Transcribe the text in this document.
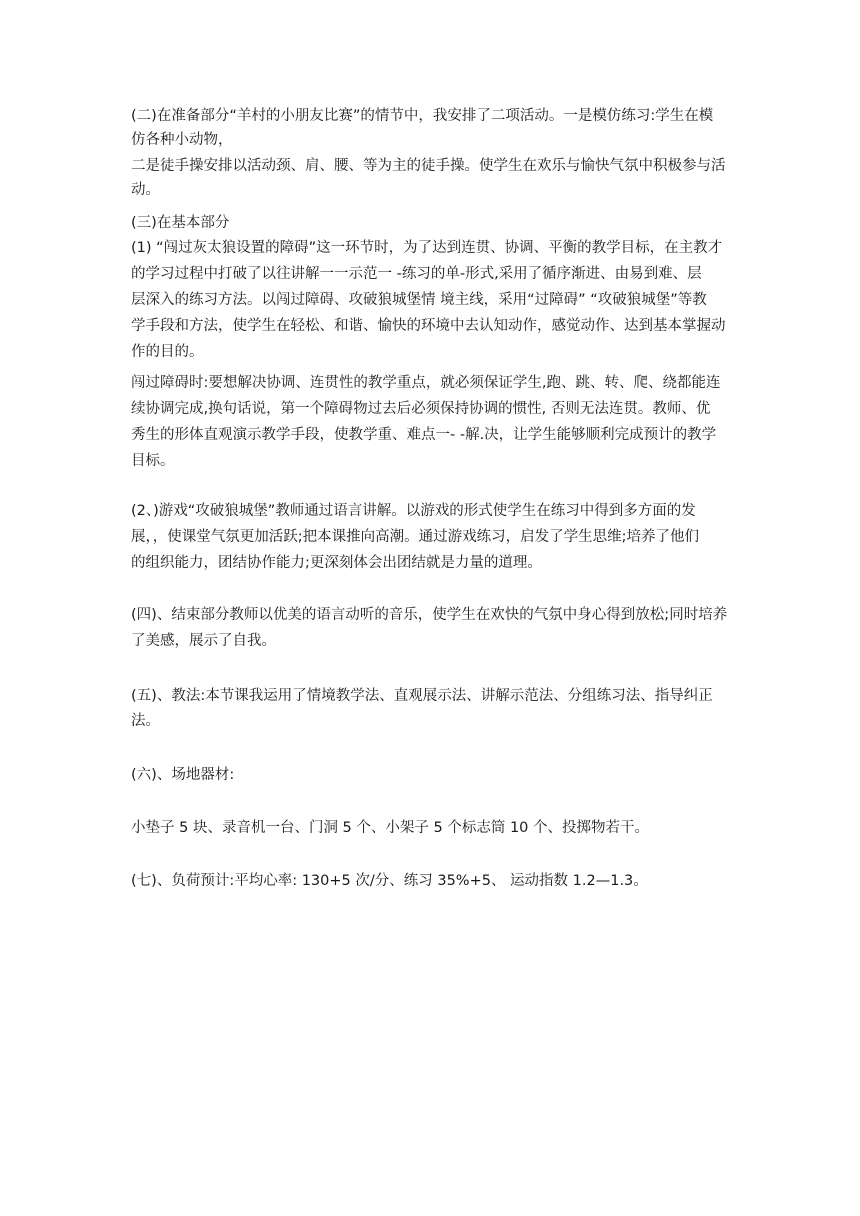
(二)在准备部分“羊村的小朋友比赛”的情节中，我安排了二项活动。一是模仿练习:学生在模

仿各种小动物，

二是徒手操安排以活动颈、肩、腰、等为主的徒手操。使学生在欢乐与愉快气氛中积极参与活

动。

(三)在基本部分

(1) “闯过灰太狼设置的障碍”这一环节时，为了达到连贯、协调、平衡的教学目标，在主教才

的学习过程中打破了以往讲解一一示范一 -练习的单-形式,采用了循序渐进、由易到难、层

层深入的练习方法。以闯过障碍、攻破狼城堡情 境主线，采用“过障碍” “攻破狼城堡”等教

学手段和方法，使学生在轻松、和谐、愉快的环境中去认知动作，感觉动作、达到基本掌握动

作的目的。

闯过障碍时:要想解决协调、连贯性的教学重点，就必须保证学生,跑、跳、转、爬、绕都能连

续协调完成,换句话说，第一个障碍物过去后必须保持协调的惯性, 否则无法连贯。教师、优

秀生的形体直观演示教学手段，使教学重、难点一- -解.决，让学生能够顺利完成预计的教学

目标。

(2、)游戏“攻破狼城堡”教师通过语言讲解。以游戏的形式使学生在练习中得到多方面的发

展，，使课堂气氛更加活跃;把本课推向高潮。通过游戏练习，启发了学生思维;培养了他们

的组织能力，团结协作能力;更深刻体会出团结就是力量的道理。

(四)、结束部分教师以优美的语言动听的音乐，使学生在欢快的气氛中身心得到放松;同时培养

了美感，展示了自我。

(五)、教法:本节课我运用了情境教学法、直观展示法、讲解示范法、分组练习法、指导纠正

法。

(六)、场地器材:

小垫子 5 块、录音机一台、门洞 5 个、小架子 5 个标志筒 10 个、投掷物若干。

(七)、负荷预计:平均心率: 130+5 次/分、练习 35%+5、 运动指数 1.2—1.3。
